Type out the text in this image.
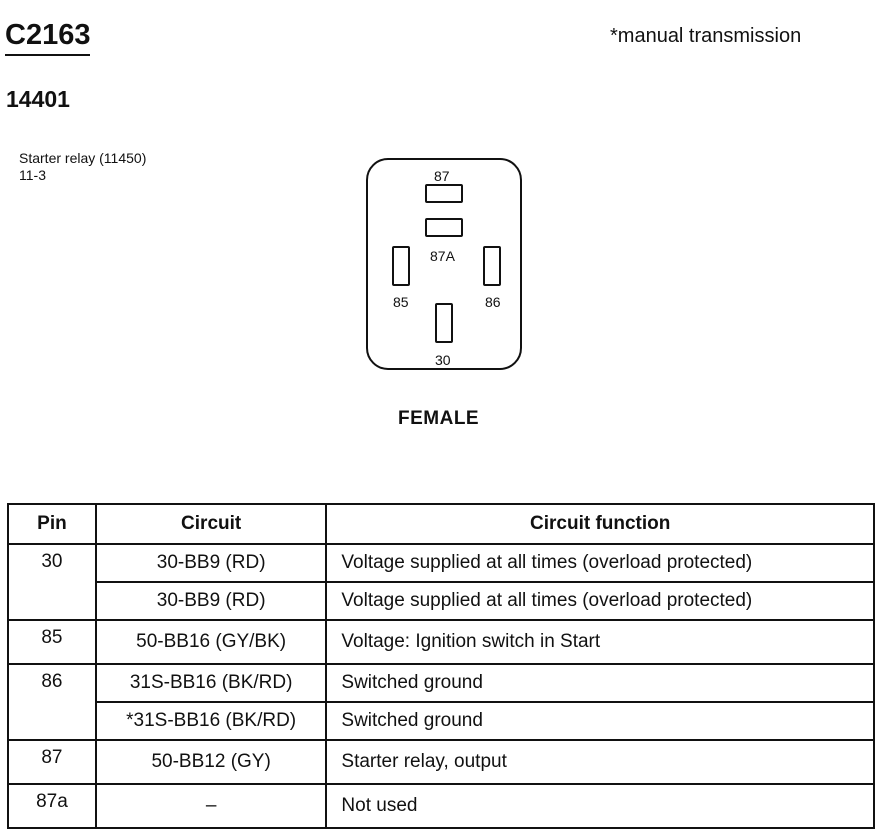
C2163	*manual transmission
14401
Starter relay (11450)
11-3	87
87A
85	86
30
FEMALE
Pin	Circuit	Circuit function
30	30-BB9 (RD)	Voltage supplied at all times (overload protected)
	30-BB9 (RD)	Voltage supplied at all times (overload protected)
85	50-BB16 (GY/BK)	Voltage: Ignition switch in Start
86	31S-BB16 (BK/RD)	Switched ground
	*31S-BB16 (BK/RD)	Switched ground
87	50-BB12 (GY)	Starter relay, output
87a	–	Not used
